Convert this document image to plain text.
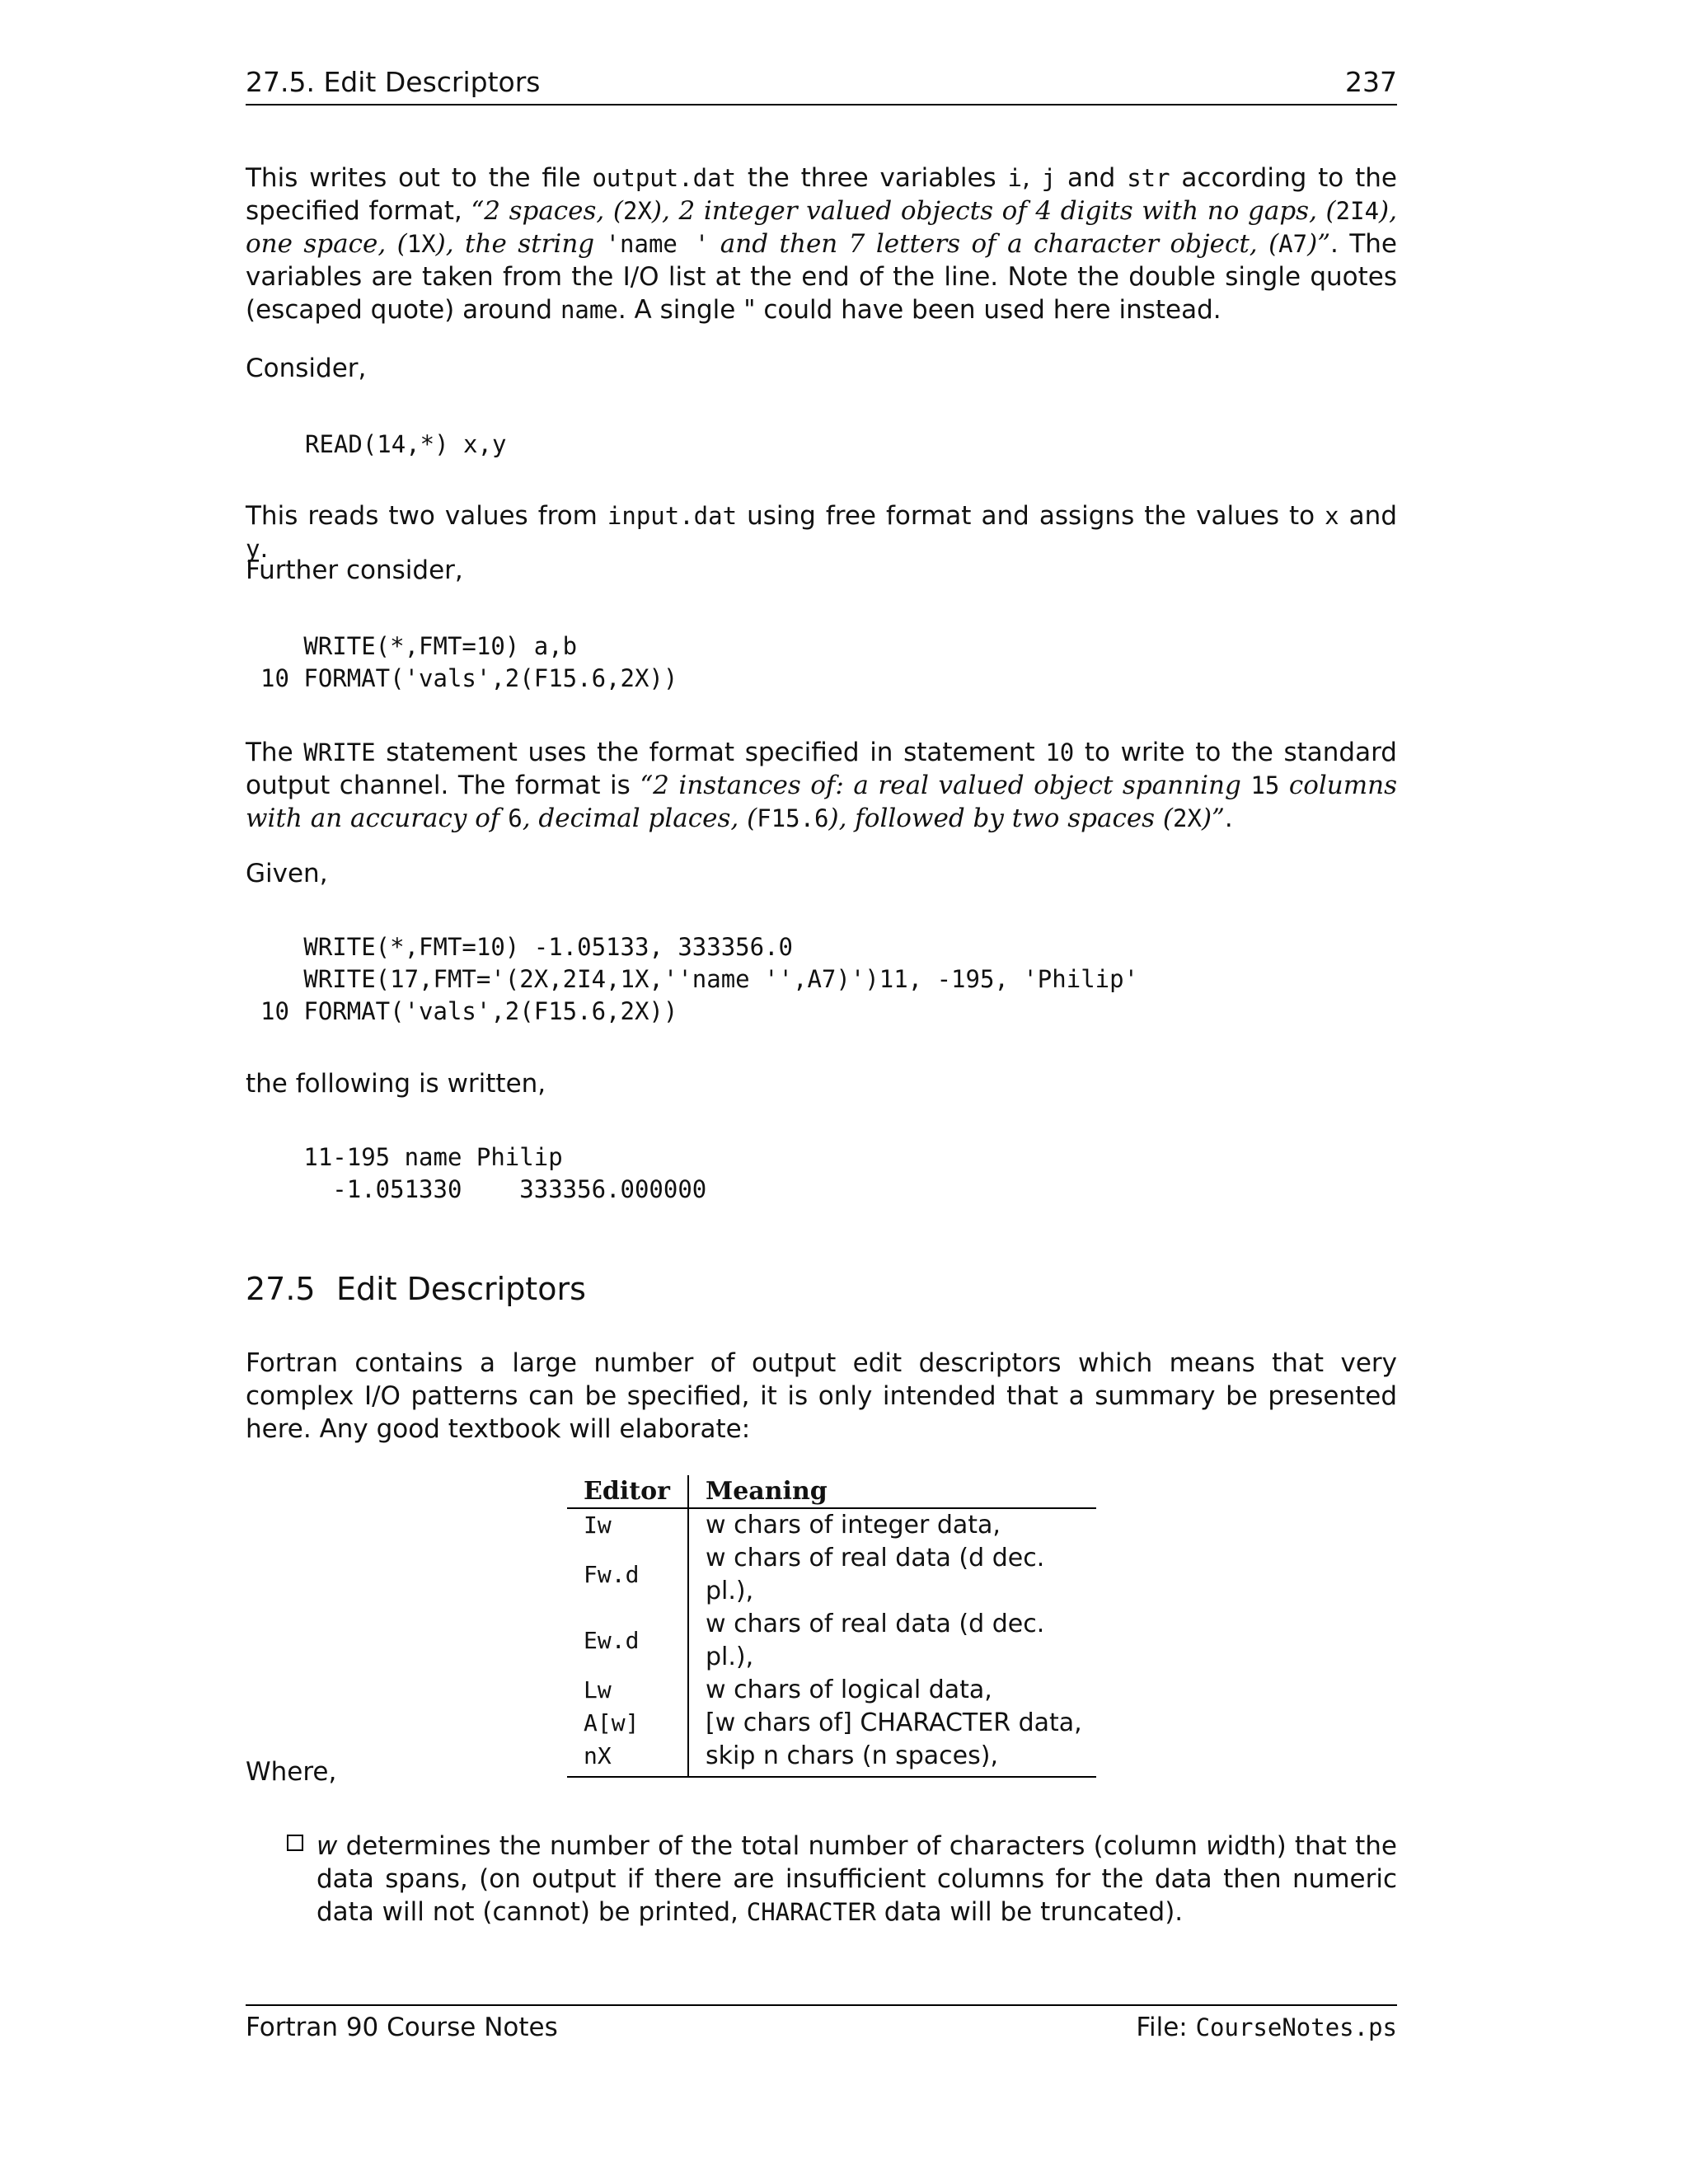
27.5. Edit Descriptors	237
This writes out to the file output.dat the three variables i, j and str according to the specified format, “2 spaces, (2X), 2 integer valued objects of 4 digits with no gaps, (2I4), one space, (1X), the string 'name ' and then 7 letters of a character object, (A7)”. The variables are taken from the I/O list at the end of the line. Note the double single quotes (escaped quote) around name. A single " could have been used here instead.
Consider,
READ(14,*) x,y
This reads two values from input.dat using free format and assigns the values to x and y.
Further consider,
WRITE(*,FMT=10) a,b
10 FORMAT('vals',2(F15.6,2X))
The WRITE statement uses the format specified in statement 10 to write to the standard output channel. The format is “2 instances of: a real valued object spanning 15 columns with an accuracy of 6, decimal places, (F15.6), followed by two spaces (2X)”.
Given,
WRITE(*,FMT=10) -1.05133, 333356.0
WRITE(17,FMT='(2X,2I4,1X,''name '',A7)')11, -195, 'Philip'
10 FORMAT('vals',2(F15.6,2X))
the following is written,
11-195 name Philip
-1.051330    333356.000000
27.5 Edit Descriptors
Fortran contains a large number of output edit descriptors which means that very complex I/O patterns can be specified, it is only intended that a summary be presented here. Any good textbook will elaborate:
Editor	Meaning
Iw	w chars of integer data,
Fw.d	w chars of real data (d dec. pl.),
Ew.d	w chars of real data (d dec. pl.),
Lw	w chars of logical data,
A[w]	[w chars of] CHARACTER data,
nX	skip n chars (n spaces),
Where,
w determines the number of the total number of characters (column width) that the data spans, (on output if there are insufficient columns for the data then numeric data will not (cannot) be printed, CHARACTER data will be truncated).
Fortran 90 Course Notes	File: CourseNotes.ps
